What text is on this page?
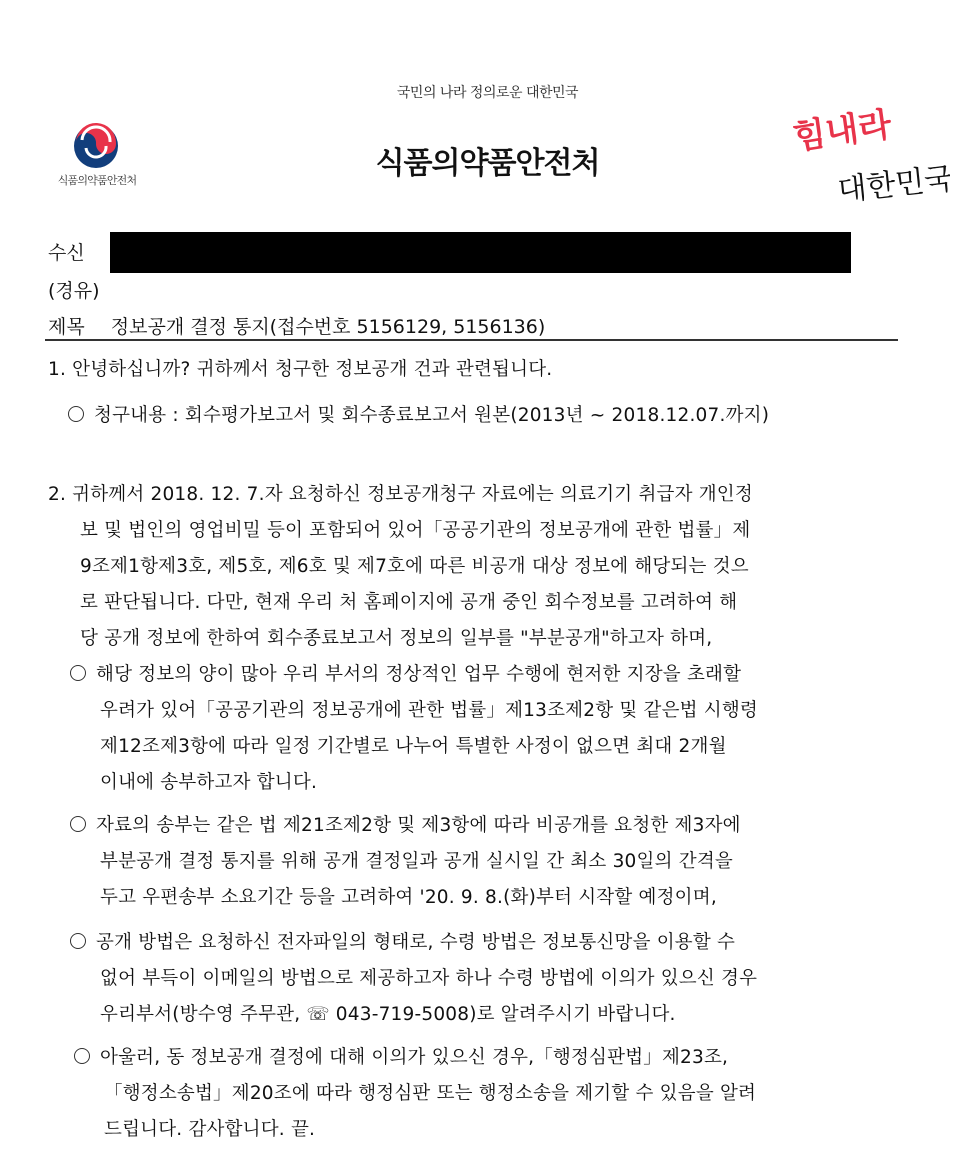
국민의 나라 정의로운 대한민국
식품의약품안전처	식품의약품안전처
힘내라
대한민국
수신
(경유)
제목 정보공개 결정 통지(접수번호 5156129, 5156136)
1. 안녕하십니까? 귀하께서 청구한 정보공개 건과 관련됩니다.
청구내용 : 회수평가보고서 및 회수종료보고서 원본(2013년 ~ 2018.12.07.까지)
2. 귀하께서 2018. 12. 7.자 요청하신 정보공개청구 자료에는 의료기기 취급자 개인정
보 및 법인의 영업비밀 등이 포함되어 있어「공공기관의 정보공개에 관한 법률」제
9조제1항제3호, 제5호, 제6호 및 제7호에 따른 비공개 대상 정보에 해당되는 것으
로 판단됩니다. 다만, 현재 우리 처 홈페이지에 공개 중인 회수정보를 고려하여 해
당 공개 정보에 한하여 회수종료보고서 정보의 일부를 "부분공개"하고자 하며,
해당 정보의 양이 많아 우리 부서의 정상적인 업무 수행에 현저한 지장을 초래할
우려가 있어「공공기관의 정보공개에 관한 법률」제13조제2항 및 같은법 시행령
제12조제3항에 따라 일정 기간별로 나누어 특별한 사정이 없으면 최대 2개월
이내에 송부하고자 합니다.
자료의 송부는 같은 법 제21조제2항 및 제3항에 따라 비공개를 요청한 제3자에
부분공개 결정 통지를 위해 공개 결정일과 공개 실시일 간 최소 30일의 간격을
두고 우편송부 소요기간 등을 고려하여 '20. 9. 8.(화)부터 시작할 예정이며,
공개 방법은 요청하신 전자파일의 형태로, 수령 방법은 정보통신망을 이용할 수
없어 부득이 이메일의 방법으로 제공하고자 하나 수령 방법에 이의가 있으신 경우
우리부서(방수영 주무관, ☏ 043-719-5008)로 알려주시기 바랍니다.
아울러, 동 정보공개 결정에 대해 이의가 있으신 경우,「행정심판법」제23조,
「행정소송법」제20조에 따라 행정심판 또는 행정소송을 제기할 수 있음을 알려
드립니다. 감사합니다. 끝.
